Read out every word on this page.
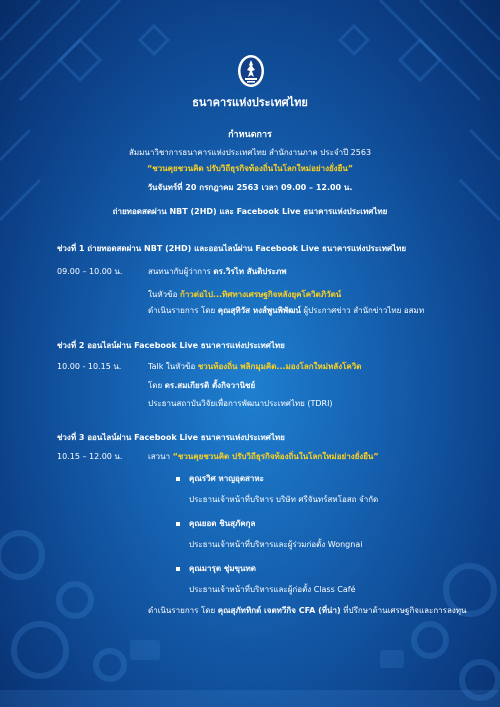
ธนาคารแห่งประเทศไทย
กำหนดการ
สัมมนาวิชาการธนาคารแห่งประเทศไทย สำนักงานภาค ประจำปี 2563
“ชวนคุยชวนคิด ปรับวิถีธุรกิจท้องถิ่นในโลกใหม่อย่างยั่งยืน”
วันจันทร์ที่ 20 กรกฎาคม 2563 เวลา 09.00 – 12.00 น.
ถ่ายทอดสดผ่าน NBT (2HD) และ Facebook Live ธนาคารแห่งประเทศไทย
ช่วงที่ 1 ถ่ายทอดสดผ่าน NBT (2HD) และออนไลน์ผ่าน Facebook Live ธนาคารแห่งประเทศไทย
09.00 – 10.00 น.	สนทนากับผู้ว่าการ ดร.วิรไท สันติประภพ
ในหัวข้อ ก้าวต่อไป...ทิศทางเศรษฐกิจหลังยุคโควิดภิวัตน์
ดำเนินรายการ โดย คุณสุทิวัส หงส์พูนพิพัฒน์ ผู้ประกาศข่าว สำนักข่าวไทย อสมท
ช่วงที่ 2 ออนไลน์ผ่าน Facebook Live ธนาคารแห่งประเทศไทย
10.00 - 10.15 น.	Talk ในหัวข้อ ชวนท้องถิ่น พลิกมุมคิด...มองโลกใหม่หลังโควิด
โดย ดร.สมเกียรติ ตั้งกิจวานิชย์
ประธานสถาบันวิจัยเพื่อการพัฒนาประเทศไทย (TDRI)
ช่วงที่ 3 ออนไลน์ผ่าน Facebook Live ธนาคารแห่งประเทศไทย
10.15 – 12.00 น.	เสวนา “ชวนคุยชวนคิด ปรับวิถีธุรกิจท้องถิ่นในโลกใหม่อย่างยั่งยืน”
คุณรวิศ หาญอุตสาหะ
ประธานเจ้าหน้าที่บริหาร บริษัท ศรีจันทร์สหโอสถ จำกัด
คุณยอด ชินสุภัคกุล
ประธานเจ้าหน้าที่บริหารและผู้ร่วมก่อตั้ง Wongnai
คุณมารุต ชุ่มขุนทด
ประธานเจ้าหน้าที่บริหารและผู้ก่อตั้ง Class Café
ดำเนินรายการ โดย คุณสุภัททิกต์ เจตทวีกิจ CFA (ที่น่า) ที่ปรึกษาด้านเศรษฐกิจและการลงทุน
